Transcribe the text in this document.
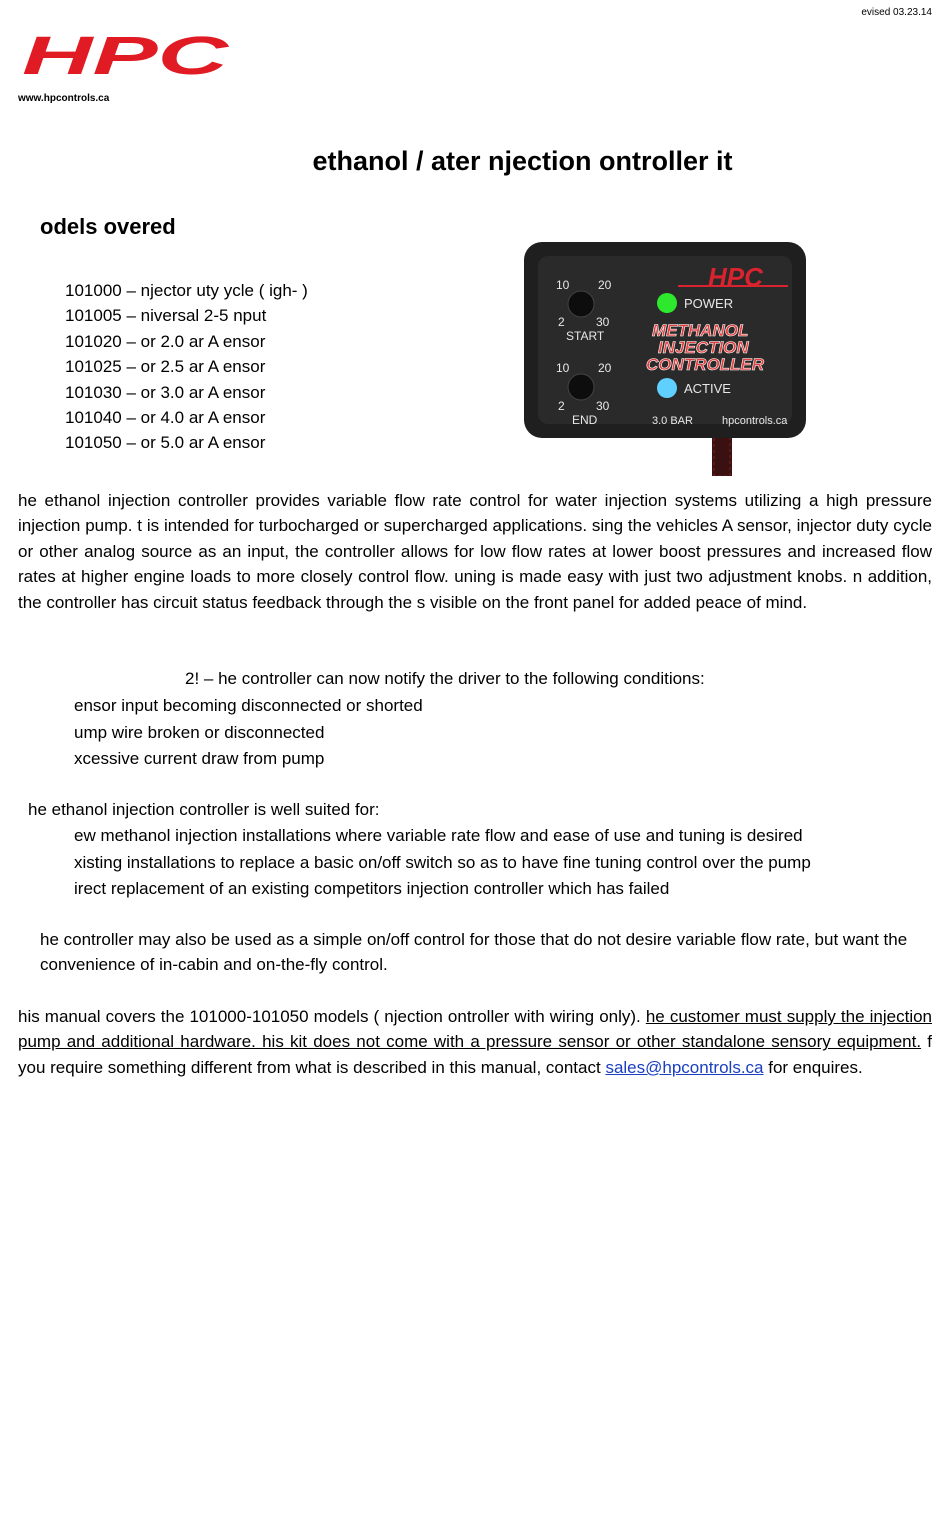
evised 03.23.14
HPC
www.hpcontrols.ca
ethanol / ater njection ontroller it
odels overed
101000 – njector uty ycle ( igh- )
101005 – niversal 2-5 nput
101020 – or 2.0 ar A ensor
101025 – or 2.5 ar A ensor
101030 – or 3.0 ar A ensor
101040 – or 4.0 ar A ensor
101050 – or 5.0 ar A ensor
10 20
2	30
START
10 20
2	30
END
HPC
POWER
METHANOL
INJECTION
CONTROLLER
ACTIVE
3.0 BAR	hpcontrols.ca
he ethanol injection controller provides variable flow rate control for water injection systems utilizing a high pressure injection pump. t is intended for turbocharged or supercharged applications. sing the vehicles A sensor, injector duty cycle or other analog source as an input, the controller allows for low flow rates at lower boost pressures and increased flow rates at higher engine loads to more closely control flow. uning is made easy with just two adjustment knobs. n addition, the controller has circuit status feedback through the s visible on the front panel for added peace of mind.
2! – he controller can now notify the driver to the following conditions:
ensor input becoming disconnected or shorted
ump wire broken or disconnected
xcessive current draw from pump
he ethanol injection controller is well suited for:
ew methanol injection installations where variable rate flow and ease of use and tuning is desired
xisting installations to replace a basic on/off switch so as to have fine tuning control over the pump
irect replacement of an existing competitors injection controller which has failed
he controller may also be used as a simple on/off control for those that do not desire variable flow rate, but want the convenience of in-cabin and on-the-fly control.
his manual covers the 101000-101050 models ( njection ontroller with wiring only). he customer must supply the injection pump and additional hardware. his kit does not come with a pressure sensor or other standalone sensory equipment. f you require something different from what is described in this manual, contact sales@hpcontrols.ca for enquires.
